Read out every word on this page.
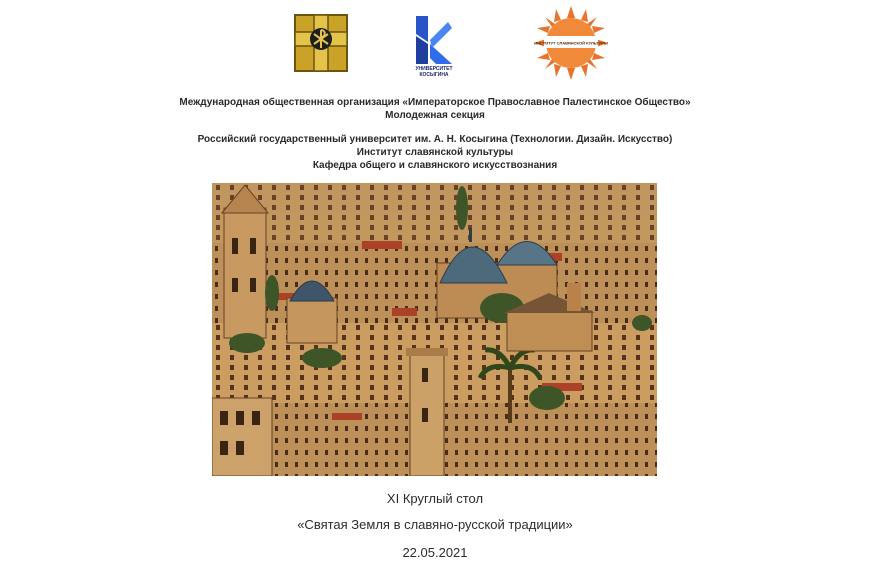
УНИВЕРСИТЕТ
КОСЫГИНА
ИНСТИТУТ СЛАВЯНСКОЙ КУЛЬТУРЫ
Международная общественная организация «Императорское Православное Палестинское Общество»
Молодежная секция
Российский государственный университет им. А. Н. Косыгина (Технологии. Дизайн. Искусство)
Институт славянской культуры
Кафедра общего и славянского искусствознания
XI Круглый стол
«Святая Земля в славяно-русской традиции»
22.05.2021
